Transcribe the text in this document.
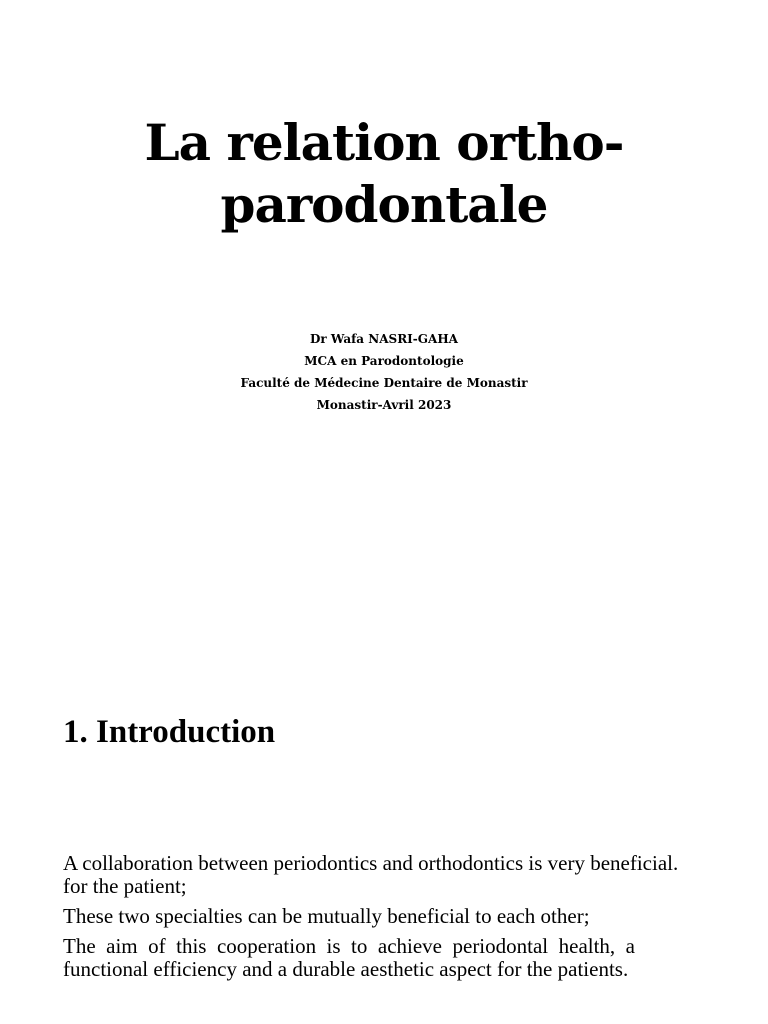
La relation ortho-
parodontale
Dr Wafa NASRI-GAHA
MCA en Parodontologie
Faculté de Médecine Dentaire de Monastir
Monastir-Avril 2023
1. Introduction

A collaboration between periodontics and orthodontics is very beneficial.
for the patient;

These two specialties can be mutually beneficial to each other;

The aim of this cooperation is to achieve periodontal health, a functional efficiency and a durable aesthetic aspect for the patients.
